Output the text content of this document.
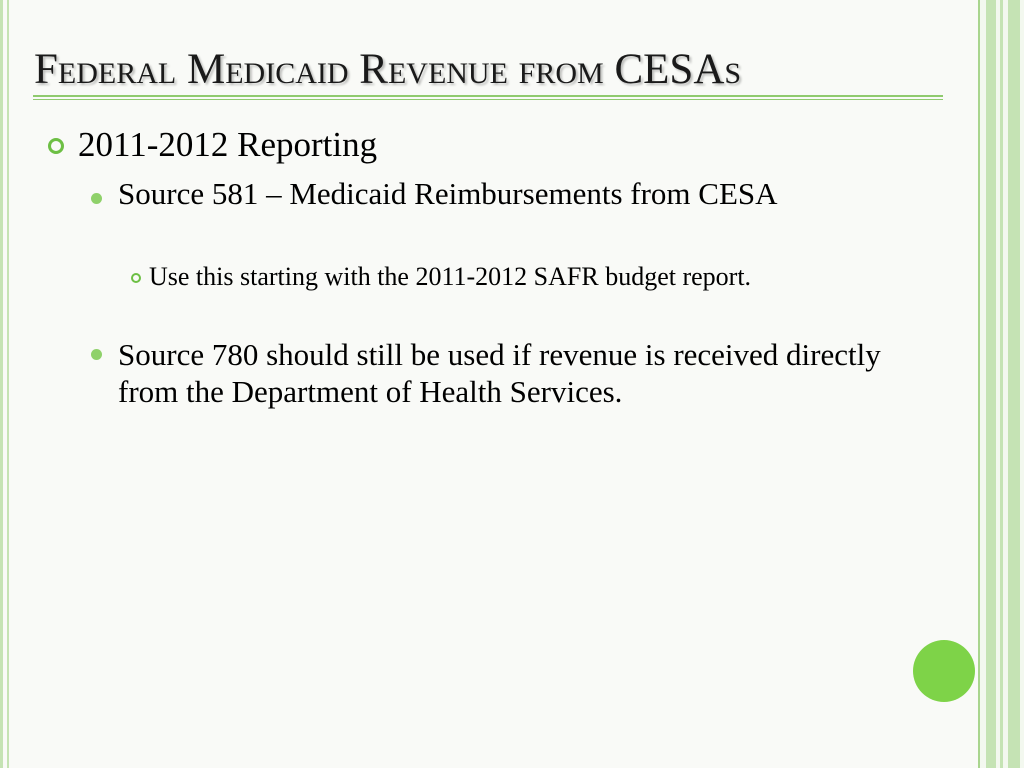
Federal Medicaid Revenue from CESAs
2011-2012 Reporting
Source 581 – Medicaid Reimbursements from CESA
Use this starting with the 2011-2012 SAFR budget report.
Source 780 should still be used if revenue is received directly from the Department of Health Services.
